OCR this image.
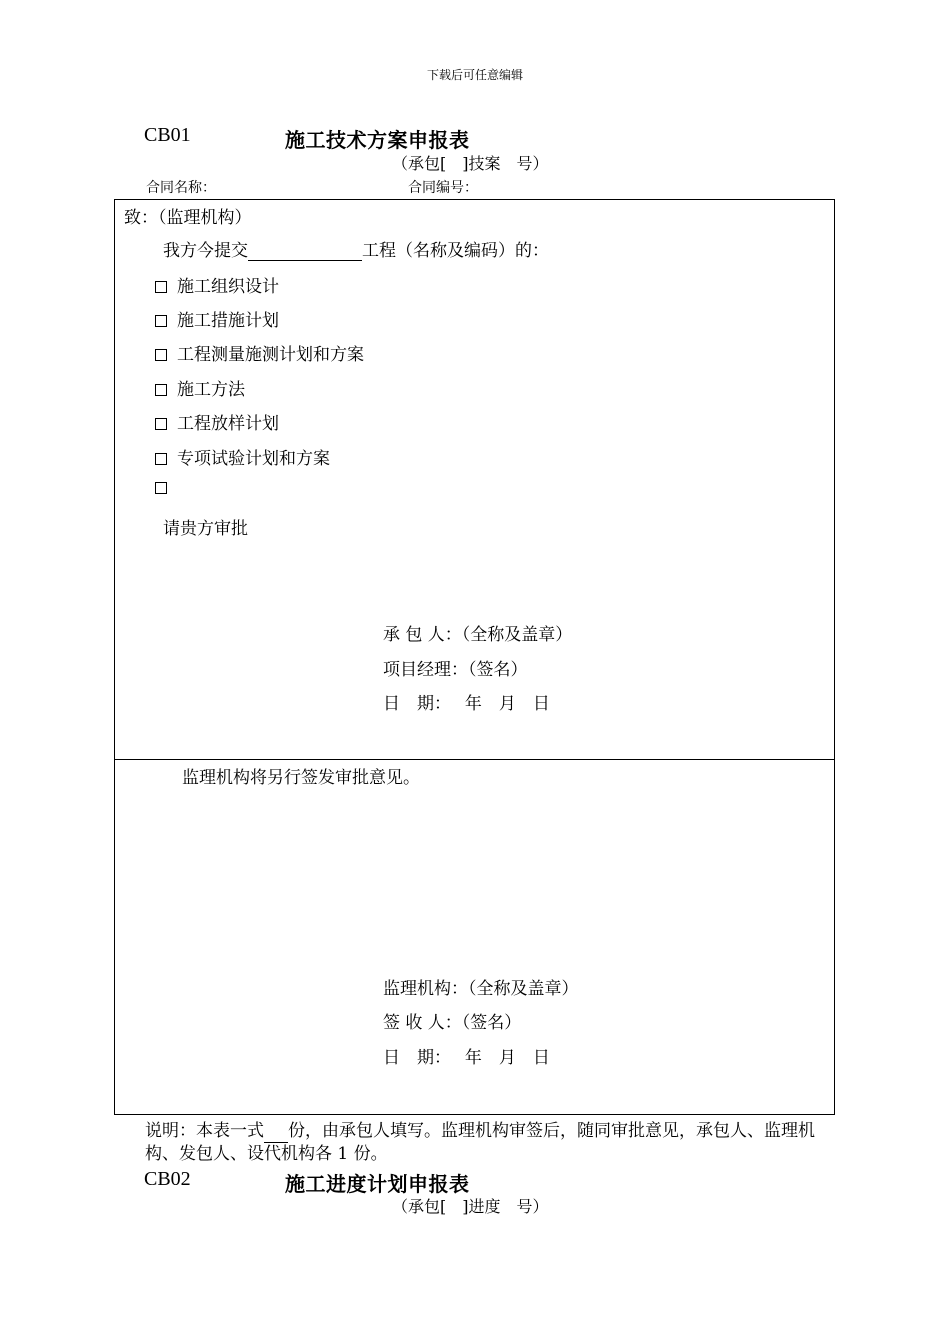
下载后可任意编辑
CB01	施工技术方案申报表
（承包[　]技案　号）
合同名称：	合同编号：
致：（监理机构）
我方今提交	工程（名称及编码）的：
施工组织设计
施工措施计划
工程测量施测计划和方案
施工方法
工程放样计划
专项试验计划和方案
请贵方审批
承 包 人：（全称及盖章）
项目经理：（签名）
日　期：　 年　月　日
监理机构将另行签发审批意见。
监理机构：（全称及盖章）
签 收 人：（签名）
日　期：　 年　月　日
说明：本表一式 份，由承包人填写。监理机构审签后，随同审批意见，承包人、监理机构、发包人、设代机构各 1 份。
CB02	施工进度计划申报表
（承包[　]进度　号）
